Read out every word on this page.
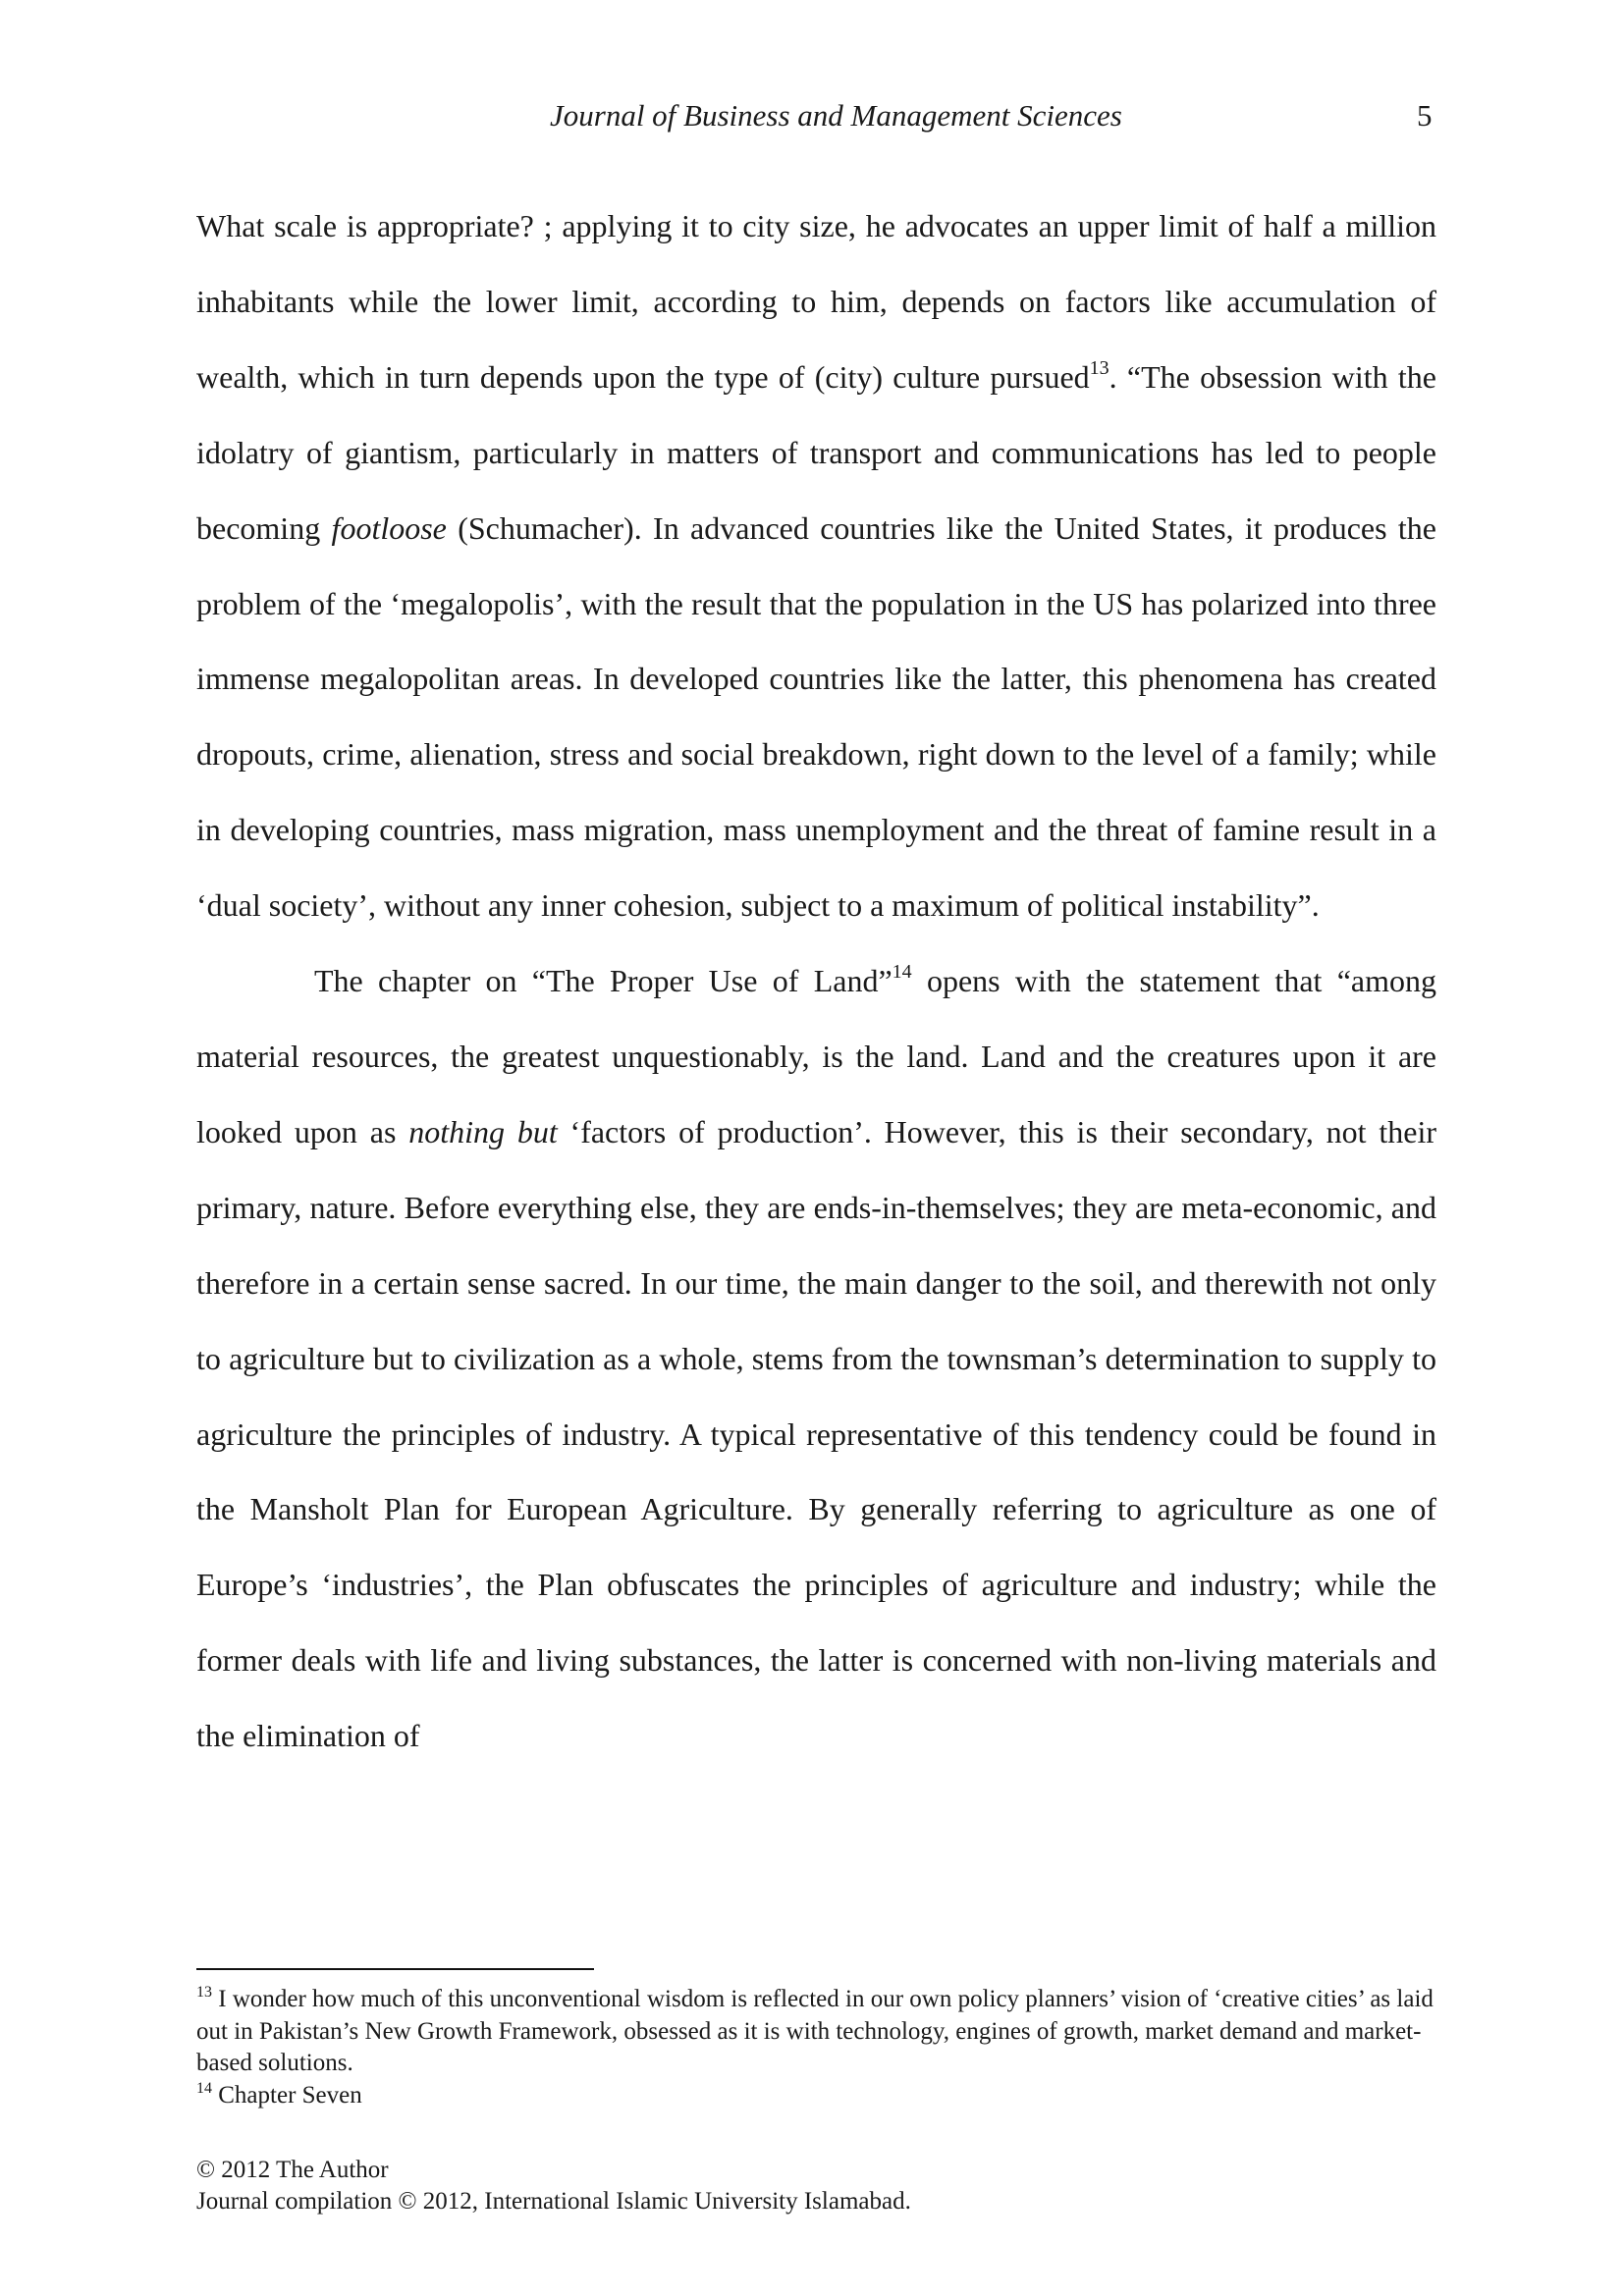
Journal of Business and Management Sciences	5

What scale is appropriate? ; applying it to city size, he advocates an upper limit of half a million inhabitants while the lower limit, according to him, depends on factors like accumulation of wealth, which in turn depends upon the type of (city) culture pursued$^{13}$. “The obsession with the idolatry of giantism, particularly in matters of transport and communications has led to people becoming footloose (Schumacher). In advanced countries like the United States, it produces the problem of the ‘megalopolis’, with the result that the population in the US has polarized into three immense megalopolitan areas. In developed countries like the latter, this phenomena has created dropouts, crime, alienation, stress and social breakdown, right down to the level of a family; while in developing countries, mass migration, mass unemployment and the threat of famine result in a ‘dual society’, without any inner cohesion, subject to a maximum of political instability”.

The chapter on “The Proper Use of Land”$^{14}$ opens with the statement that “among material resources, the greatest unquestionably, is the land. Land and the creatures upon it are looked upon as nothing but ‘factors of production’. However, this is their secondary, not their primary, nature. Before everything else, they are ends-in-themselves; they are meta-economic, and therefore in a certain sense sacred. In our time, the main danger to the soil, and therewith not only to agriculture but to civilization as a whole, stems from the townsman’s determination to supply to agriculture the principles of industry. A typical representative of this tendency could be found in the Mansholt Plan for European Agriculture. By generally referring to agriculture as one of Europe’s ‘industries’, the Plan obfuscates the principles of agriculture and industry; while the former deals with life and living substances, the latter is concerned with non-living materials and the elimination of

$^{13}$ I wonder how much of this unconventional wisdom is reflected in our own policy planners’ vision of ‘creative cities’ as laid out in Pakistan’s New Growth Framework, obsessed as it is with technology, engines of growth, market demand and market-based solutions.

$^{14}$ Chapter Seven

© 2012 The Author
Journal compilation © 2012, International Islamic University Islamabad.
